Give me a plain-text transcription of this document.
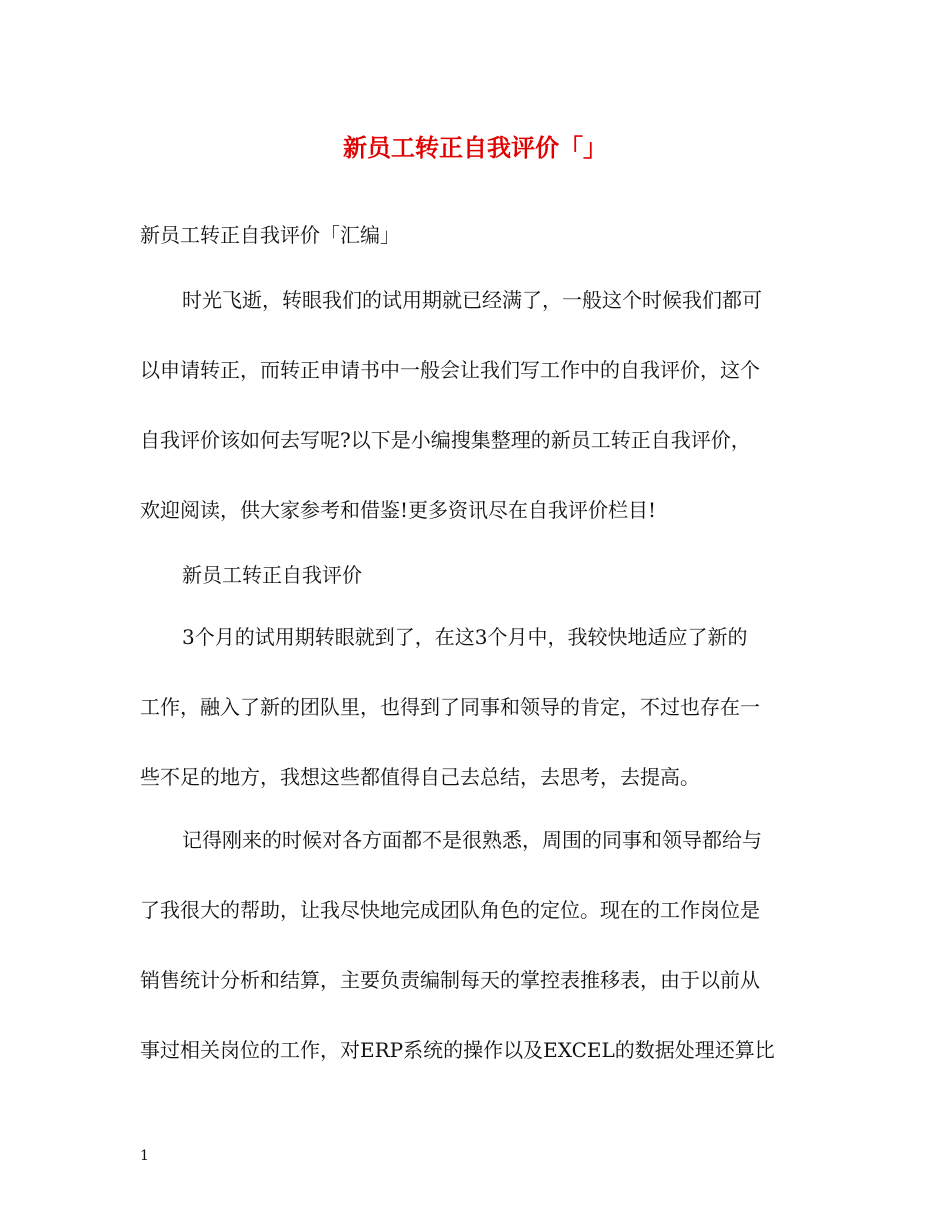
新员工转正自我评价「」

新员工转正自我评价「汇编」

时光飞逝，转眼我们的试用期就已经满了，一般这个时候我们都可

以申请转正，而转正申请书中一般会让我们写工作中的自我评价，这个

自我评价该如何去写呢?以下是小编搜集整理的新员工转正自我评价，

欢迎阅读，供大家参考和借鉴!更多资讯尽在自我评价栏目!

新员工转正自我评价

3个月的试用期转眼就到了，在这3个月中，我较快地适应了新的

工作，融入了新的团队里，也得到了同事和领导的肯定，不过也存在一

些不足的地方，我想这些都值得自己去总结，去思考，去提高。

记得刚来的时候对各方面都不是很熟悉，周围的同事和领导都给与

了我很大的帮助，让我尽快地完成团队角色的定位。现在的工作岗位是

销售统计分析和结算，主要负责编制每天的掌控表推移表，由于以前从

事过相关岗位的工作，对ERP系统的操作以及EXCEL的数据处理还算比

1
